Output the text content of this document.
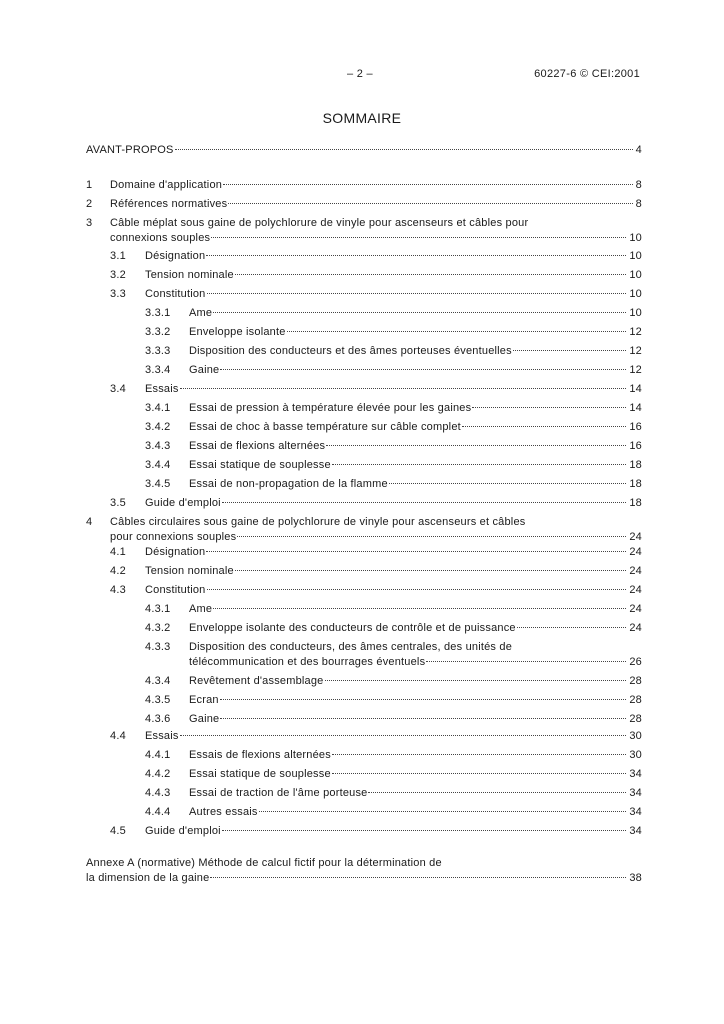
– 2 –	60227-6 © CEI:2001
SOMMAIRE
AVANT-PROPOS	4
1 Domaine d'application	8
2 Références normatives	8
3 Câble méplat sous gaine de polychlorure de vinyle pour ascenseurs et câbles pour
connexions souples	10
3.1 Désignation	10
3.2 Tension nominale	10
3.3 Constitution	10
3.3.1 Ame	10
3.3.2 Enveloppe isolante	12
3.3.3 Disposition des conducteurs et des âmes porteuses éventuelles	12
3.3.4 Gaine	12
3.4 Essais	14
3.4.1 Essai de pression à température élevée pour les gaines	14
3.4.2 Essai de choc à basse température sur câble complet	16
3.4.3 Essai de flexions alternées	16
3.4.4 Essai statique de souplesse	18
3.4.5 Essai de non-propagation de la flamme	18
3.5 Guide d'emploi	18
4 Câbles circulaires sous gaine de polychlorure de vinyle pour ascenseurs et câbles
pour connexions souples	24
4.1 Désignation	24
4.2 Tension nominale	24
4.3 Constitution	24
4.3.1 Ame	24
4.3.2 Enveloppe isolante des conducteurs de contrôle et de puissance	24
4.3.3 Disposition des conducteurs, des âmes centrales, des unités de
télécommunication et des bourrages éventuels	26
4.3.4 Revêtement d'assemblage	28
4.3.5 Ecran	28
4.3.6 Gaine	28
4.4 Essais	30
4.4.1 Essais de flexions alternées	30
4.4.2 Essai statique de souplesse	34
4.4.3 Essai de traction de l'âme porteuse	34
4.4.4 Autres essais	34
4.5 Guide d'emploi	34
Annexe A (normative) Méthode de calcul fictif pour la détermination de
la dimension de la gaine	38
